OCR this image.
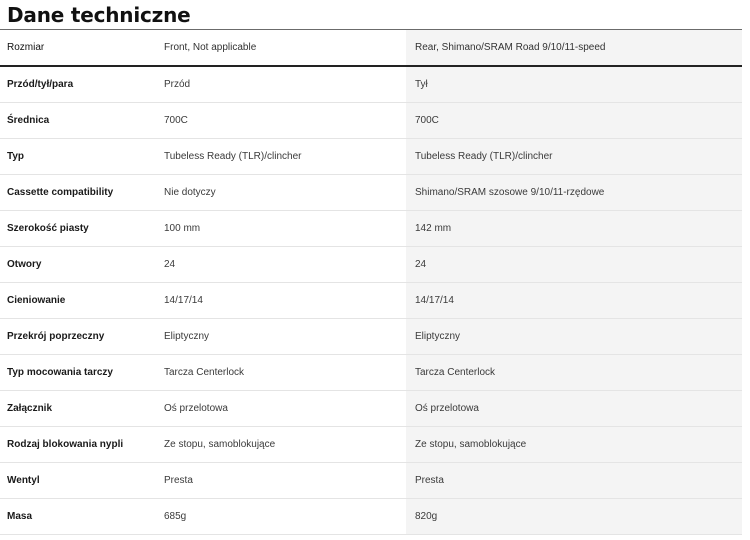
Dane techniczne
Rozmiar	Front, Not applicable	Rear, Shimano/SRAM Road 9/10/11-speed
Przód/tył/para	Przód	Tył
Średnica	700C	700C
Typ	Tubeless Ready (TLR)/clincher	Tubeless Ready (TLR)/clincher
Cassette compatibility	Nie dotyczy	Shimano/SRAM szosowe 9/10/11-rzędowe
Szerokość piasty	100 mm	142 mm
Otwory	24	24
Cieniowanie	14/17/14	14/17/14
Przekrój poprzeczny	Eliptyczny	Eliptyczny
Typ mocowania tarczy	Tarcza Centerlock	Tarcza Centerlock
Załącznik	Oś przelotowa	Oś przelotowa
Rodzaj blokowania nypli	Ze stopu, samoblokujące	Ze stopu, samoblokujące
Wentyl	Presta	Presta
Masa	685g	820g
